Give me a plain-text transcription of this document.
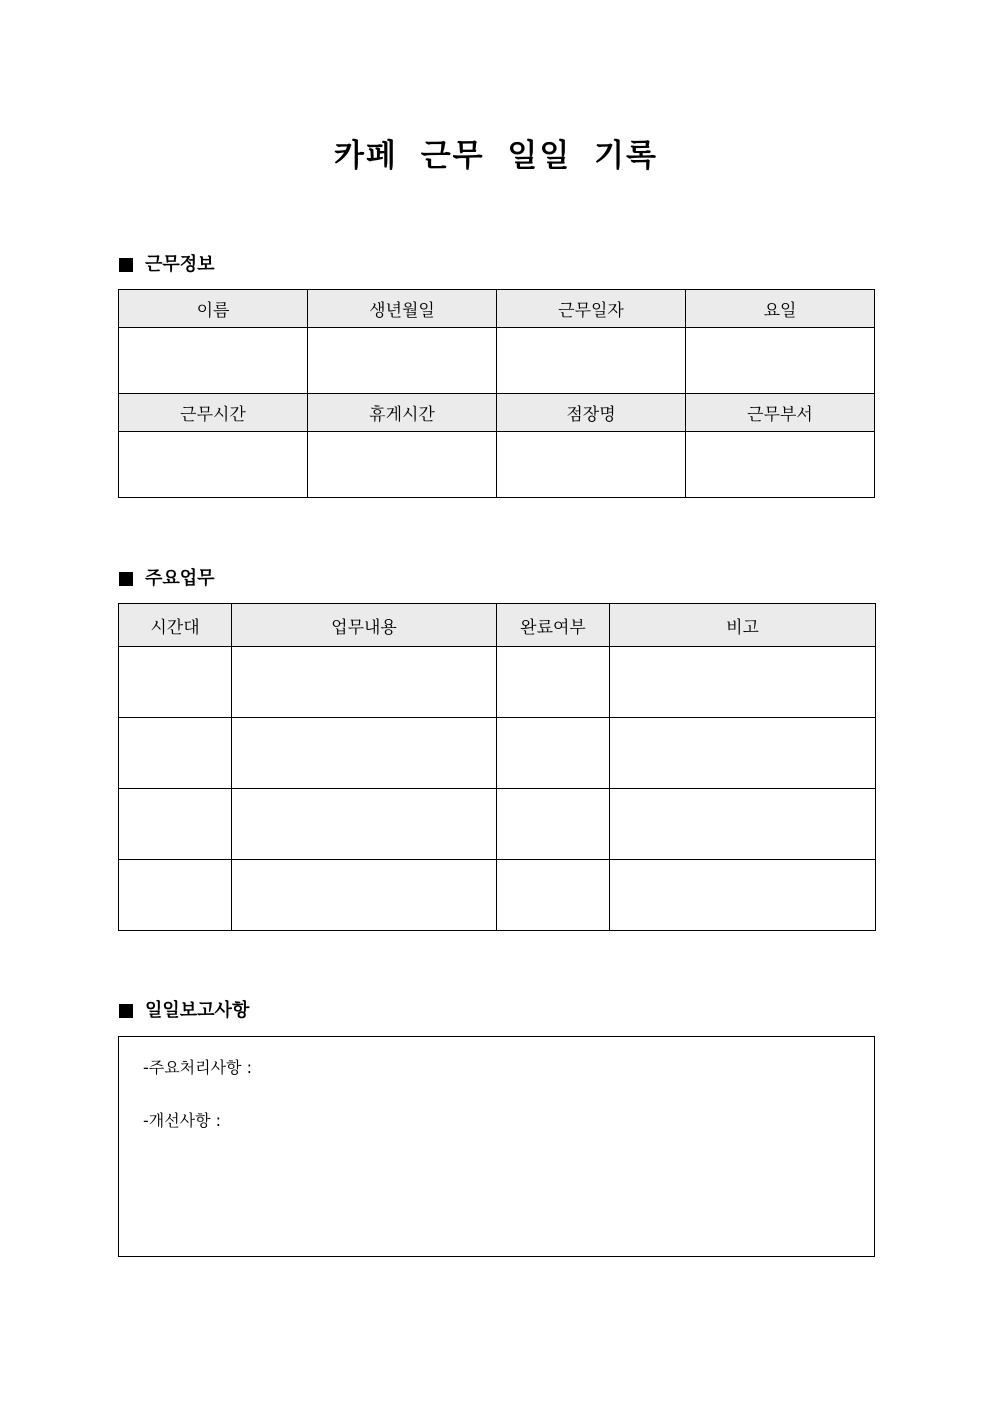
카페 근무 일일 기록
근무정보
이름	생년월일	근무일자	요일

근무시간	휴게시간	점장명	근무부서

주요업무
시간대	업무내용	완료여부	비고

일일보고사항
-주요처리사항 :
-개선사항 :
